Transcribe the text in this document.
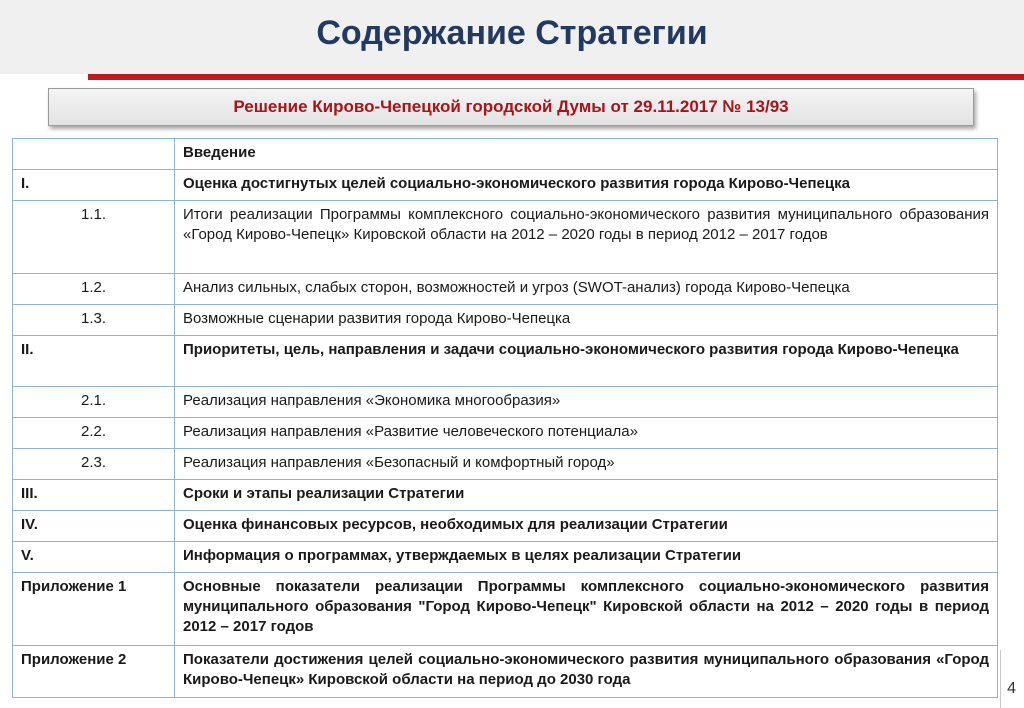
Содержание Стратегии
Решение Кирово-Чепецкой городской Думы от 29.11.2017 № 13/93
	Введение
I.	Оценка достигнутых целей социально-экономического развития города Кирово-Чепецка
1.1.	Итоги реализации Программы комплексного социально-экономического развития муниципального образования «Город Кирово-Чепецк» Кировской области на 2012 – 2020 годы в период 2012 – 2017 годов
1.2.	Анализ сильных, слабых сторон, возможностей и угроз (SWOT-анализ) города Кирово-Чепецка
1.3.	Возможные сценарии развития города Кирово-Чепецка
II.	Приоритеты, цель, направления и задачи социально-экономического развития города Кирово-Чепецка
2.1.	Реализация направления «Экономика многообразия»
2.2.	Реализация направления «Развитие человеческого потенциала»
2.3.	Реализация направления «Безопасный и комфортный город»
III.	Сроки и этапы реализации Стратегии
IV.	Оценка финансовых ресурсов, необходимых для реализации Стратегии
V.	Информация о программах, утверждаемых в целях реализации Стратегии
Приложение 1	Основные показатели реализации Программы комплексного социально-экономического развития муниципального образования "Город Кирово-Чепецк" Кировской области на 2012 – 2020 годы в период 2012 – 2017 годов
Приложение 2	Показатели достижения целей социально-экономического развития муниципального образования «Город Кирово-Чепецк» Кировской области на период до 2030 года
4
